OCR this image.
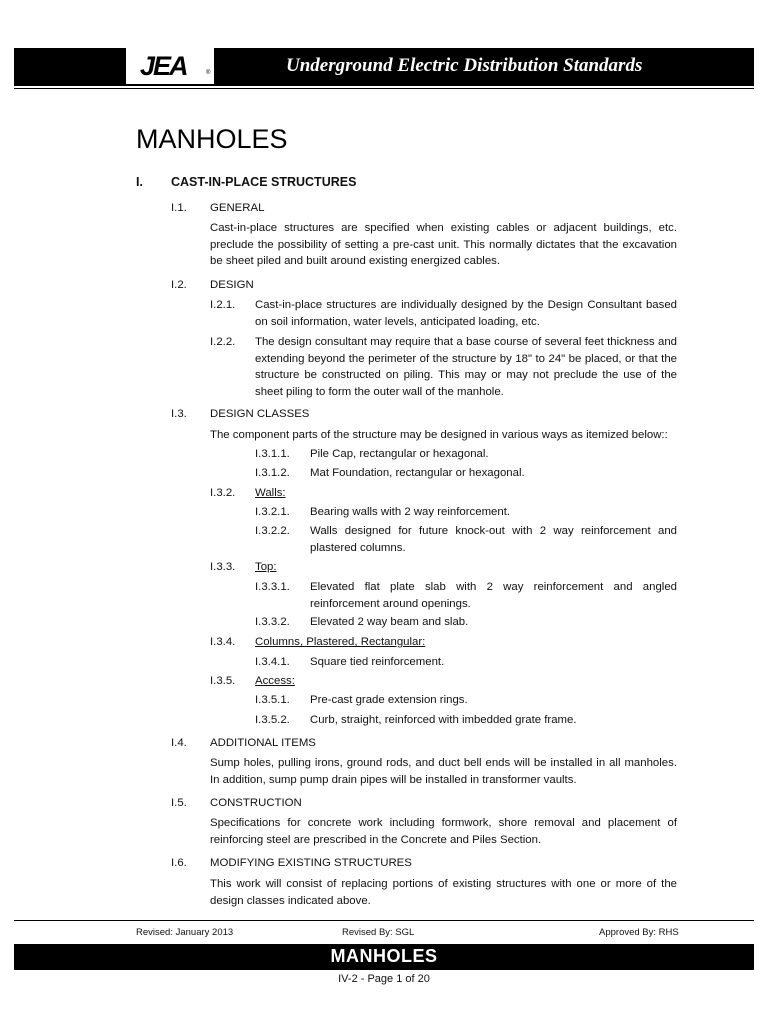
JEA	®	Underground Electric Distribution Standards
MANHOLES
I. CAST-IN-PLACE STRUCTURES
I.1. GENERAL
Cast-in-place structures are specified when existing cables or adjacent buildings, etc. preclude the possibility of setting a pre-cast unit. This normally dictates that the excavation be sheet piled and built around existing energized cables.
I.2. DESIGN
I.2.1. Cast-in-place structures are individually designed by the Design Consultant based on soil information, water levels, anticipated loading, etc.
I.2.2. The design consultant may require that a base course of several feet thickness and extending beyond the perimeter of the structure by 18" to 24" be placed, or that the structure be constructed on piling. This may or may not preclude the use of the sheet piling to form the outer wall of the manhole.
I.3. DESIGN CLASSES
The component parts of the structure may be designed in various ways as itemized below::
I.3.1.1. Pile Cap, rectangular or hexagonal.
I.3.1.2. Mat Foundation, rectangular or hexagonal.
I.3.2. Walls:
I.3.2.1. Bearing walls with 2 way reinforcement.
I.3.2.2. Walls designed for future knock-out with 2 way reinforcement and plastered columns.
I.3.3. Top:
I.3.3.1. Elevated flat plate slab with 2 way reinforcement and angled reinforcement around openings.
I.3.3.2. Elevated 2 way beam and slab.
I.3.4. Columns, Plastered, Rectangular:
I.3.4.1. Square tied reinforcement.
I.3.5. Access:
I.3.5.1. Pre-cast grade extension rings.
I.3.5.2. Curb, straight, reinforced with imbedded grate frame.
I.4. ADDITIONAL ITEMS
Sump holes, pulling irons, ground rods, and duct bell ends will be installed in all manholes. In addition, sump pump drain pipes will be installed in transformer vaults.
I.5. CONSTRUCTION
Specifications for concrete work including formwork, shore removal and placement of reinforcing steel are prescribed in the Concrete and Piles Section.
I.6. MODIFYING EXISTING STRUCTURES
This work will consist of replacing portions of existing structures with one or more of the design classes indicated above.
Revised: January 2013	Revised By: SGL	Approved By: RHS
MANHOLES
IV-2 - Page 1 of 20
